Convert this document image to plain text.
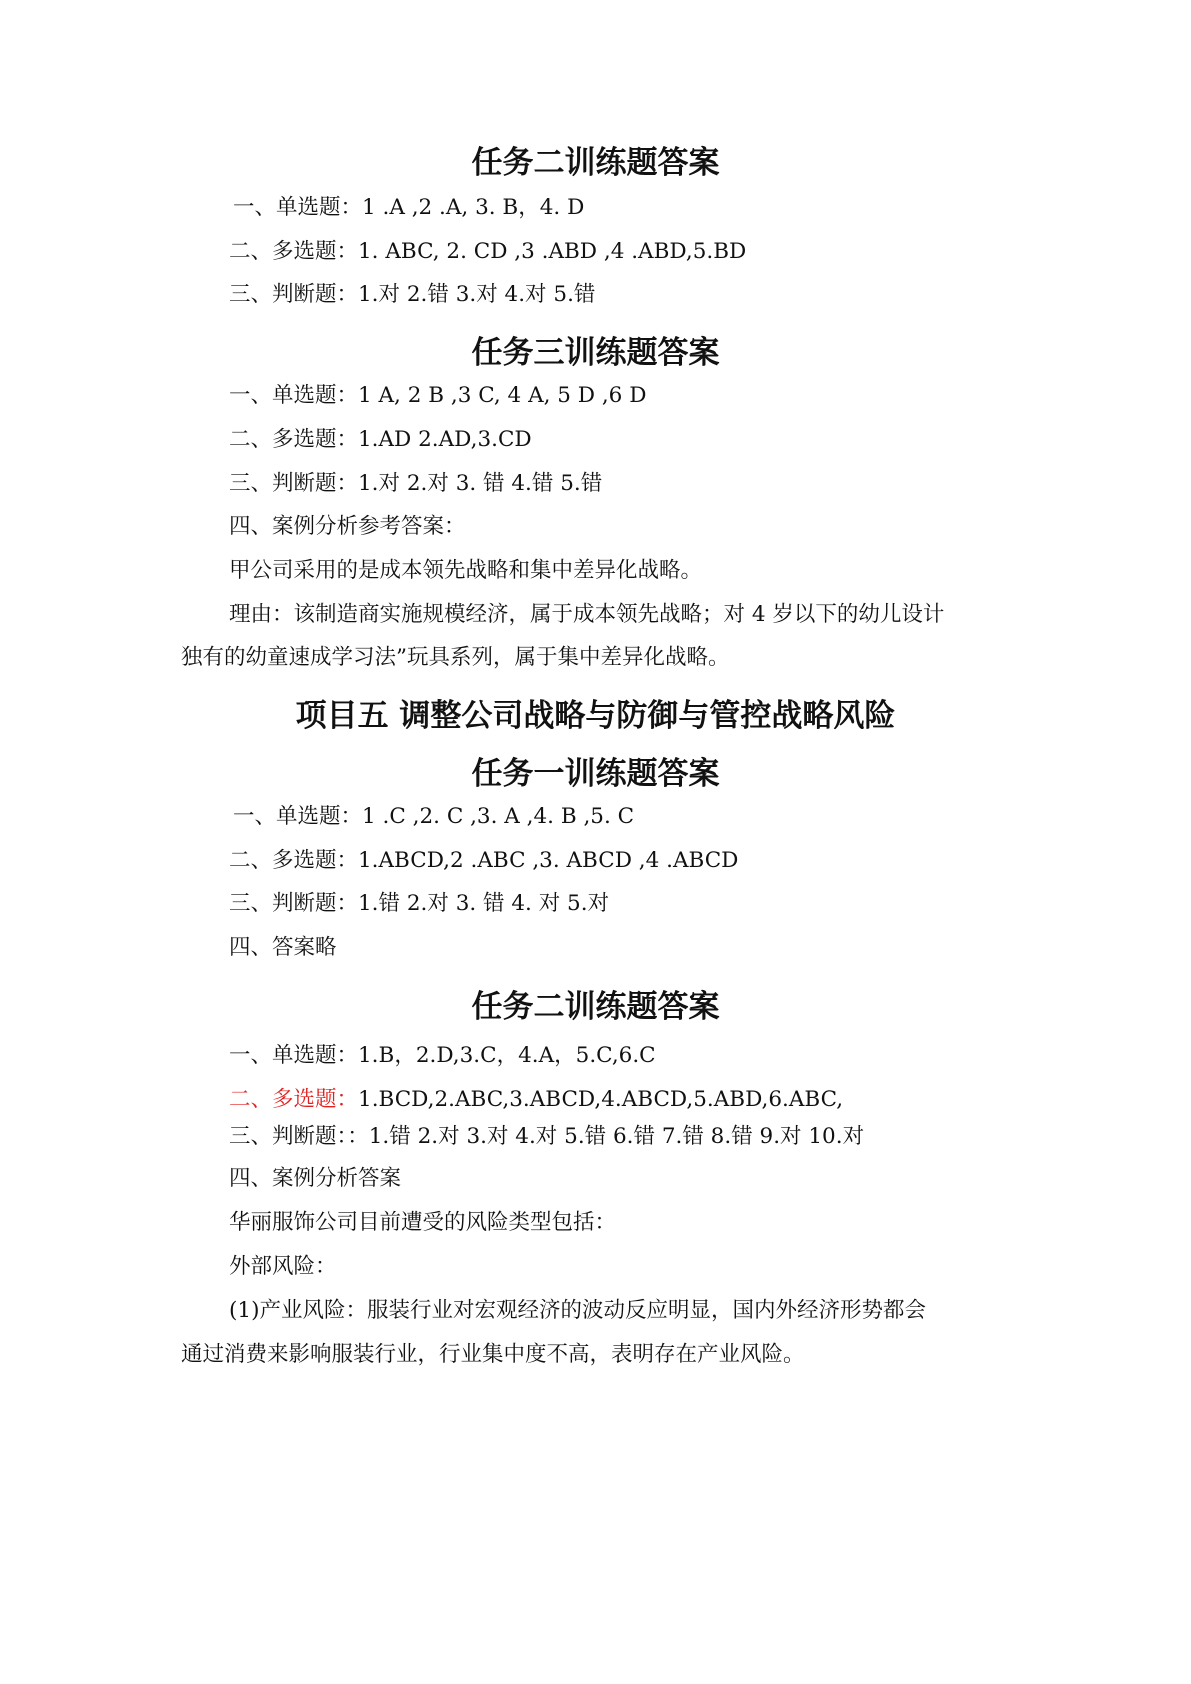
任务二训练题答案
一、单选题：1 .A ,2 .A, 3. B，4. D
二、多选题：1. ABC, 2. CD ,3 .ABD ,4 .ABD,5.BD
三、判断题：1.对 2.错 3.对 4.对 5.错
任务三训练题答案
一、单选题：1 A, 2 B ,3 C, 4 A, 5 D ,6 D
二、多选题：1.AD 2.AD,3.CD
三、判断题：1.对 2.对 3. 错 4.错 5.错
四、案例分析参考答案：
甲公司采用的是成本领先战略和集中差异化战略。
理由：该制造商实施规模经济，属于成本领先战略；对 4 岁以下的幼儿设计
独有的幼童速成学习法”玩具系列，属于集中差异化战略。
项目五 调整公司战略与防御与管控战略风险
任务一训练题答案
一、单选题：1 .C ,2. C ,3. A ,4. B ,5. C
二、多选题：1.ABCD,2 .ABC ,3. ABCD ,4 .ABCD
三、判断题：1.错 2.对 3. 错 4. 对 5.对
四、答案略
任务二训练题答案
一、单选题：1.B，2.D,3.C，4.A，5.C,6.C
二、多选题：1.BCD,2.ABC,3.ABCD,4.ABCD,5.ABD,6.ABC,
三、判断题：：1.错 2.对 3.对 4.对 5.错 6.错 7.错 8.错 9.对 10.对
四、案例分析答案
华丽服饰公司目前遭受的风险类型包括：
外部风险：
(1)产业风险：服装行业对宏观经济的波动反应明显，国内外经济形势都会
通过消费来影响服装行业，行业集中度不高，表明存在产业风险。
